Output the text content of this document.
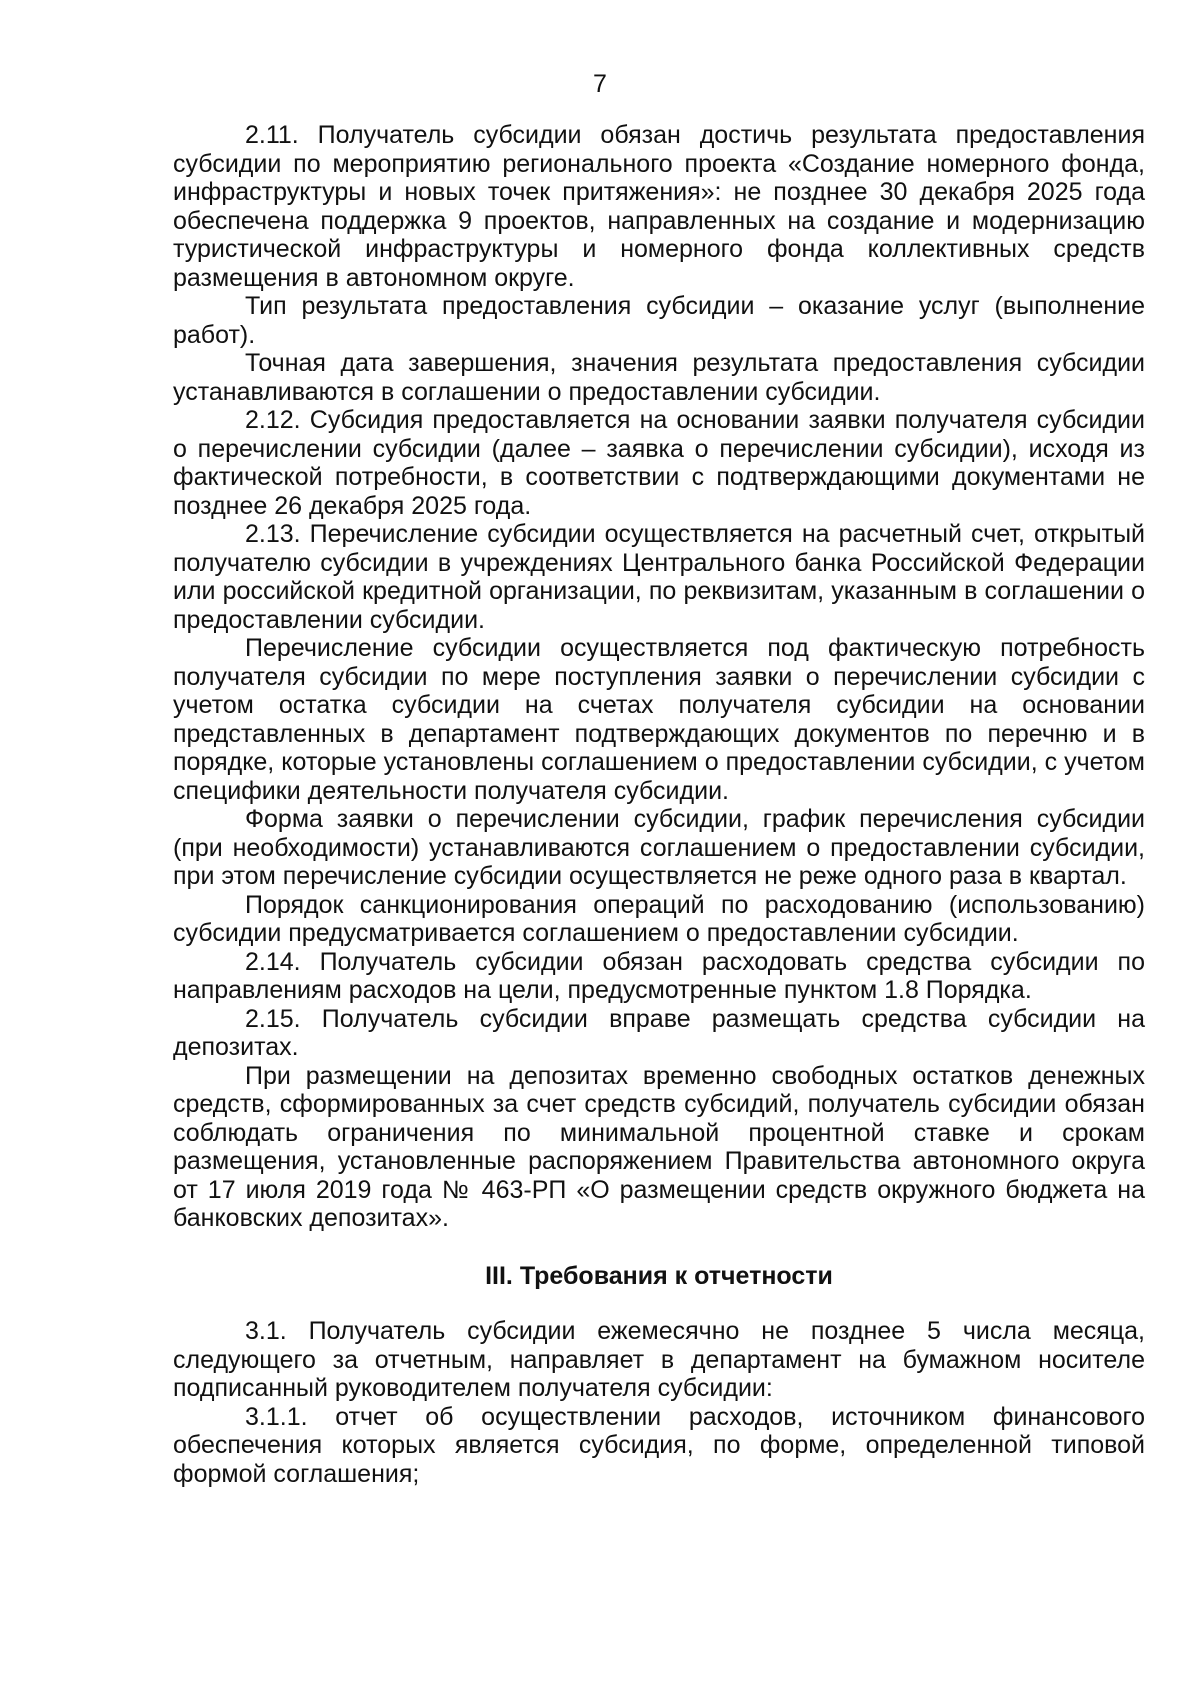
7

2.11. Получатель субсидии обязан достичь результата предоставления субсидии по мероприятию регионального проекта «Создание номерного фонда, инфраструктуры и новых точек притяжения»: не позднее 30 декабря 2025 года обеспечена поддержка 9 проектов, направленных на создание и модернизацию туристической инфраструктуры и номерного фонда коллективных средств размещения в автономном округе.

Тип результата предоставления субсидии – оказание услуг (выполнение работ).

Точная дата завершения, значения результата предоставления субсидии устанавливаются в соглашении о предоставлении субсидии.

2.12. Субсидия предоставляется на основании заявки получателя субсидии о перечислении субсидии (далее – заявка о перечислении субсидии), исходя из фактической потребности, в соответствии с подтверждающими документами не позднее 26 декабря 2025 года.

2.13. Перечисление субсидии осуществляется на расчетный счет, открытый получателю субсидии в учреждениях Центрального банка Российской Федерации или российской кредитной организации, по реквизитам, указанным в соглашении о предоставлении субсидии.

Перечисление субсидии осуществляется под фактическую потребность получателя субсидии по мере поступления заявки о перечислении субсидии с учетом остатка субсидии на счетах получателя субсидии на основании представленных в департамент подтверждающих документов по перечню и в порядке, которые установлены соглашением о предоставлении субсидии, с учетом специфики деятельности получателя субсидии.

Форма заявки о перечислении субсидии, график перечисления субсидии (при необходимости) устанавливаются соглашением о предоставлении субсидии, при этом перечисление субсидии осуществляется не реже одного раза в квартал.

Порядок санкционирования операций по расходованию (использованию) субсидии предусматривается соглашением о предоставлении субсидии.

2.14. Получатель субсидии обязан расходовать средства субсидии по направлениям расходов на цели, предусмотренные пунктом 1.8 Порядка.

2.15. Получатель субсидии вправе размещать средства субсидии на депозитах.

При размещении на депозитах временно свободных остатков денежных средств, сформированных за счет средств субсидий, получатель субсидии обязан соблюдать ограничения по минимальной процентной ставке и срокам размещения, установленные распоряжением Правительства автономного округа от 17 июля 2019 года № 463-РП «О размещении средств окружного бюджета на банковских депозитах».

III. Требования к отчетности

3.1. Получатель субсидии ежемесячно не позднее 5 числа месяца, следующего за отчетным, направляет в департамент на бумажном носителе подписанный руководителем получателя субсидии:

3.1.1. отчет об осуществлении расходов, источником финансового обеспечения которых является субсидия, по форме, определенной типовой формой соглашения;
